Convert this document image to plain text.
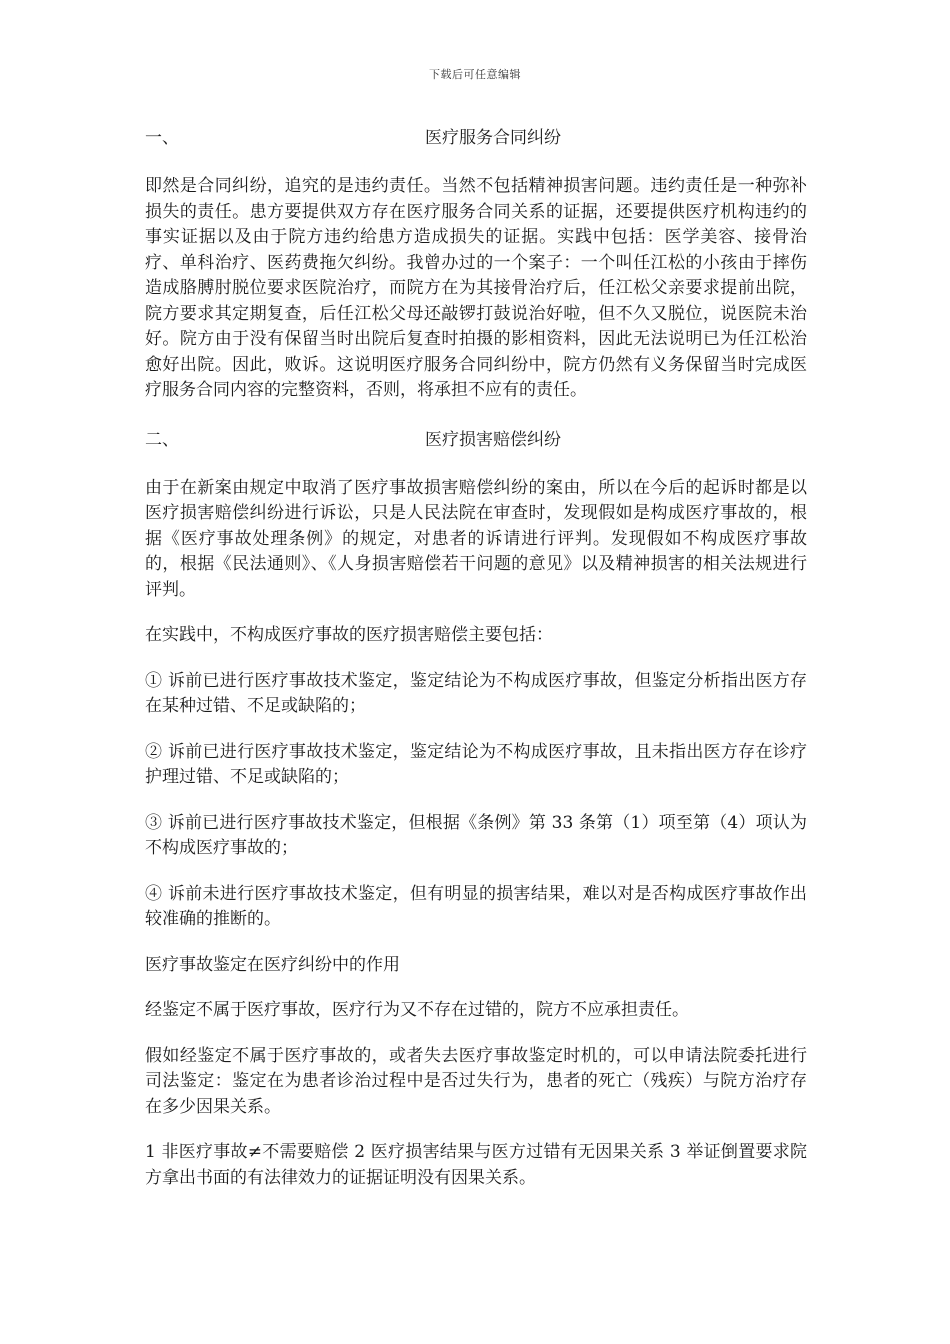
下载后可任意编辑
一、	医疗服务合同纠纷

即然是合同纠纷，追究的是违约责任。当然不包括精神损害问题。违约责任是一种弥补损失的责任。患方要提供双方存在医疗服务合同关系的证据，还要提供医疗机构违约的事实证据以及由于院方违约给患方造成损失的证据。实践中包括：医学美容、接骨治疗、单科治疗、医药费拖欠纠纷。我曾办过的一个案子：一个叫任江松的小孩由于摔伤造成胳膊肘脱位要求医院治疗，而院方在为其接骨治疗后，任江松父亲要求提前出院，院方要求其定期复查，后任江松父母还敲锣打鼓说治好啦，但不久又脱位，说医院未治好。院方由于没有保留当时出院后复查时拍摄的影相资料，因此无法说明已为任江松治愈好出院。因此，败诉。这说明医疗服务合同纠纷中，院方仍然有义务保留当时完成医疗服务合同内容的完整资料，否则，将承担不应有的责任。

二、	医疗损害赔偿纠纷

由于在新案由规定中取消了医疗事故损害赔偿纠纷的案由，所以在今后的起诉时都是以医疗损害赔偿纠纷进行诉讼，只是人民法院在审查时，发现假如是构成医疗事故的，根据《医疗事故处理条例》的规定，对患者的诉请进行评判。发现假如不构成医疗事故的，根据《民法通则》、《人身损害赔偿若干问题的意见》以及精神损害的相关法规进行评判。

在实践中，不构成医疗事故的医疗损害赔偿主要包括：

① 诉前已进行医疗事故技术鉴定，鉴定结论为不构成医疗事故，但鉴定分析指出医方存在某种过错、不足或缺陷的；

② 诉前已进行医疗事故技术鉴定，鉴定结论为不构成医疗事故，且未指出医方存在诊疗护理过错、不足或缺陷的；

③ 诉前已进行医疗事故技术鉴定，但根据《条例》第 33 条第（1）项至第（4）项认为不构成医疗事故的；

④ 诉前未进行医疗事故技术鉴定，但有明显的损害结果，难以对是否构成医疗事故作出较准确的推断的。

医疗事故鉴定在医疗纠纷中的作用

经鉴定不属于医疗事故，医疗行为又不存在过错的，院方不应承担责任。

假如经鉴定不属于医疗事故的，或者失去医疗事故鉴定时机的，可以申请法院委托进行司法鉴定：鉴定在为患者诊治过程中是否过失行为，患者的死亡（残疾）与院方治疗存在多少因果关系。

1 非医疗事故≠不需要赔偿 2 医疗损害结果与医方过错有无因果关系 3 举证倒置要求院方拿出书面的有法律效力的证据证明没有因果关系。
